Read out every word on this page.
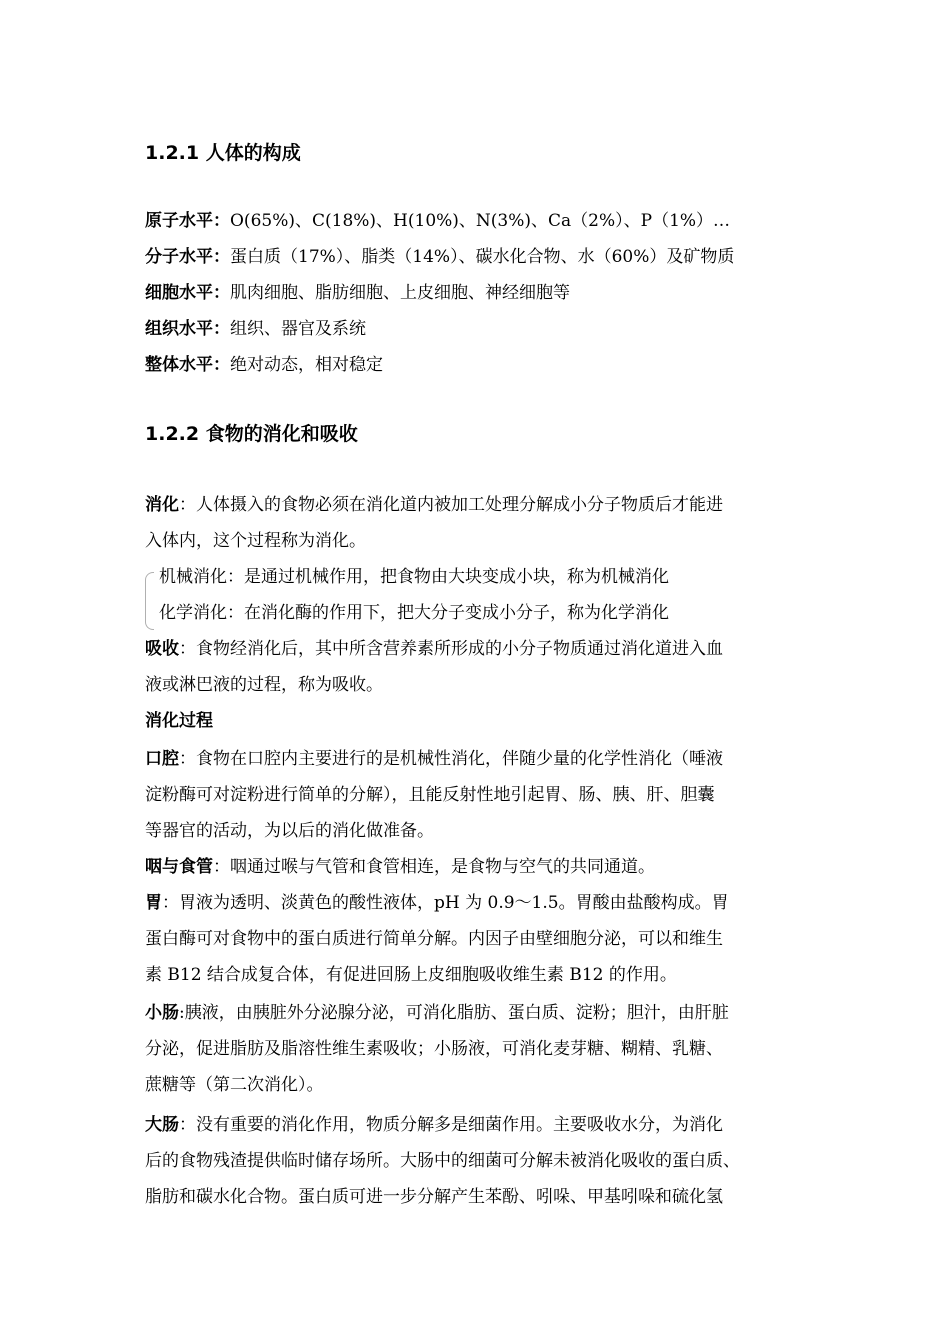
1.2.1 人体的构成
原子水平：O(65%)、C(18%)、H(10%)、N(3%)、Ca（2%）、P（1%）…
分子水平：蛋白质（17%）、脂类（14%）、碳水化合物、水（60%）及矿物质
细胞水平：肌肉细胞、脂肪细胞、上皮细胞、神经细胞等
组织水平：组织、器官及系统
整体水平：绝对动态，相对稳定
1.2.2 食物的消化和吸收
消化：人体摄入的食物必须在消化道内被加工处理分解成小分子物质后才能进
入体内，这个过程称为消化。
机械消化：是通过机械作用，把食物由大块变成小块，称为机械消化
化学消化：在消化酶的作用下，把大分子变成小分子，称为化学消化
吸收：食物经消化后，其中所含营养素所形成的小分子物质通过消化道进入血
液或淋巴液的过程，称为吸收。
消化过程
口腔：食物在口腔内主要进行的是机械性消化，伴随少量的化学性消化（唾液
淀粉酶可对淀粉进行简单的分解），且能反射性地引起胃、肠、胰、肝、胆囊
等器官的活动，为以后的消化做准备。
咽与食管：咽通过喉与气管和食管相连，是食物与空气的共同通道。
胃：胃液为透明、淡黄色的酸性液体，pH 为 0.9～1.5。胃酸由盐酸构成。胃
蛋白酶可对食物中的蛋白质进行简单分解。内因子由壁细胞分泌，可以和维生
素 B12 结合成复合体，有促进回肠上皮细胞吸收维生素 B12 的作用。
小肠:胰液，由胰脏外分泌腺分泌，可消化脂肪、蛋白质、淀粉；胆汁，由肝脏
分泌，促进脂肪及脂溶性维生素吸收；小肠液，可消化麦芽糖、糊精、乳糖、
蔗糖等（第二次消化）。
大肠：没有重要的消化作用，物质分解多是细菌作用。主要吸收水分，为消化
后的食物残渣提供临时储存场所。大肠中的细菌可分解未被消化吸收的蛋白质、
脂肪和碳水化合物。蛋白质可进一步分解产生苯酚、吲哚、甲基吲哚和硫化氢
